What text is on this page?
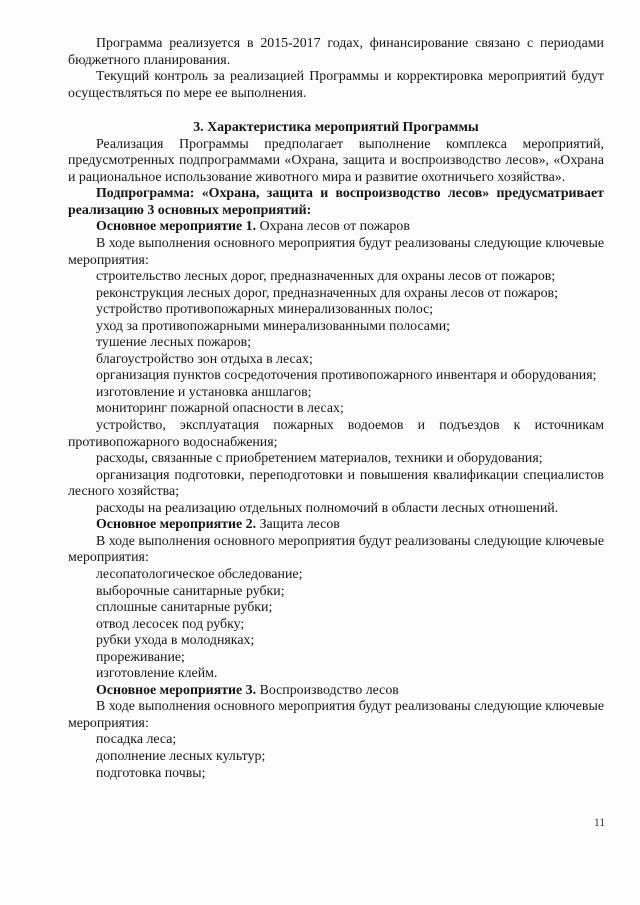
Программа реализуется в 2015-2017 годах, финансирование связано с периодами бюджетного планирования.

Текущий контроль за реализацией Программы и корректировка мероприятий будут осуществляться по мере ее выполнения.

3. Характеристика мероприятий Программы

Реализация Программы предполагает выполнение комплекса мероприятий, предусмотренных подпрограммами «Охрана, защита и воспроизводство лесов», «Охрана и рациональное использование животного мира и развитие охотничьего хозяйства».

Подпрограмма: «Охрана, защита и воспроизводство лесов» предусматривает реализацию 3 основных мероприятий:

Основное мероприятие 1. Охрана лесов от пожаров

В ходе выполнения основного мероприятия будут реализованы следующие ключевые мероприятия:

строительство лесных дорог, предназначенных для охраны лесов от пожаров;

реконструкция лесных дорог, предназначенных для охраны лесов от пожаров;

устройство противопожарных минерализованных полос;

уход за противопожарными минерализованными полосами;

тушение лесных пожаров;

благоустройство зон отдыха в лесах;

организация пунктов сосредоточения противопожарного инвентаря и оборудования;

изготовление и установка аншлагов;

мониторинг пожарной опасности в лесах;

устройство, эксплуатация пожарных водоемов и подъездов к источникам противопожарного водоснабжения;

расходы, связанные с приобретением материалов, техники и оборудования;

организация подготовки, переподготовки и повышения квалификации специалистов лесного хозяйства;

расходы на реализацию отдельных полномочий в области лесных отношений.

Основное мероприятие 2. Защита лесов

В ходе выполнения основного мероприятия будут реализованы следующие ключевые мероприятия:

лесопатологическое обследование;

выборочные санитарные рубки;

сплошные санитарные рубки;

отвод лесосек под рубку;

рубки ухода в молодняках;

прореживание;

изготовление клейм.

Основное мероприятие 3. Воспроизводство лесов

В ходе выполнения основного мероприятия будут реализованы следующие ключевые мероприятия:

посадка леса;

дополнение лесных культур;

подготовка почвы;

11
